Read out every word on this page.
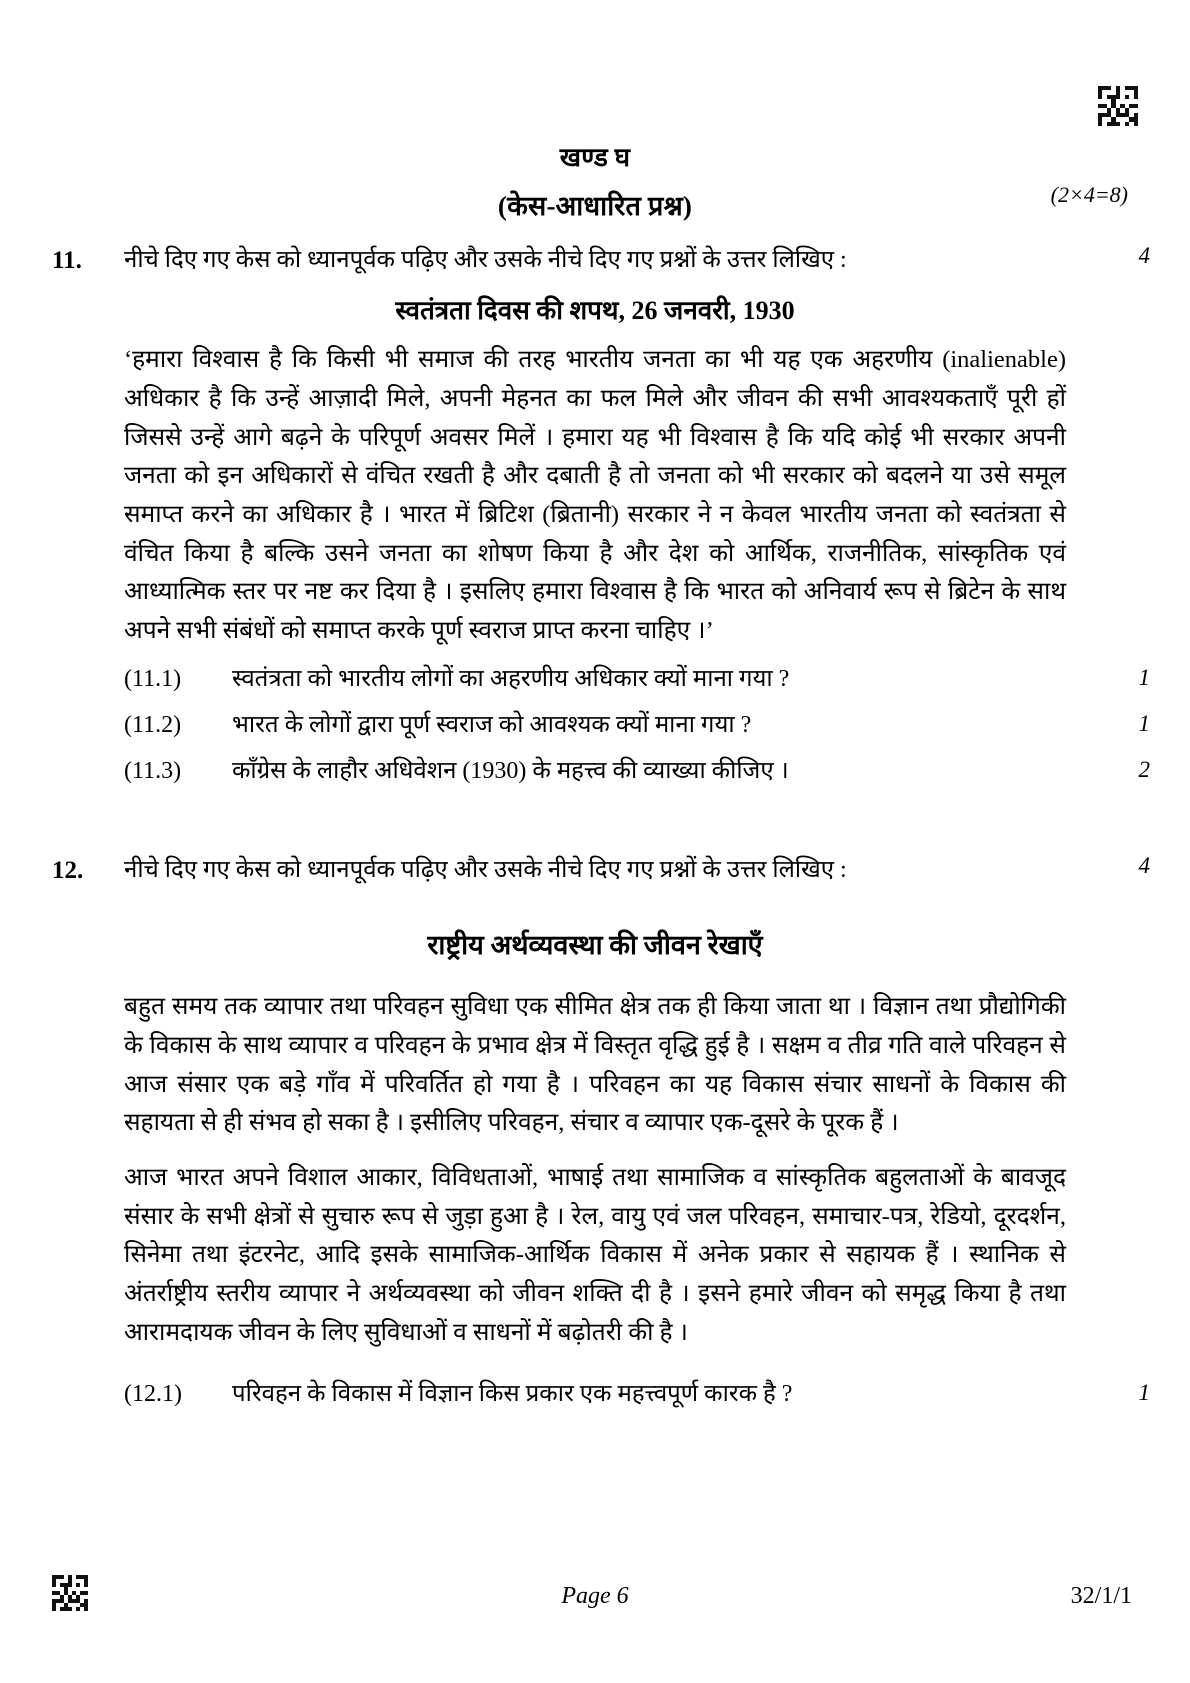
खण्ड घ
(केस-आधारित प्रश्न)	(2×4=8)
11.	नीचे दिए गए केस को ध्यानपूर्वक पढ़िए और उसके नीचे दिए गए प्रश्नों के उत्तर लिखिए :	4
स्वतंत्रता दिवस की शपथ, 26 जनवरी, 1930
‘हमारा विश्वास है कि किसी भी समाज की तरह भारतीय जनता का भी यह एक अहरणीय (inalienable) अधिकार है कि उन्हें आज़ादी मिले, अपनी मेहनत का फल मिले और जीवन की सभी आवश्यकताएँ पूरी हों जिससे उन्हें आगे बढ़ने के परिपूर्ण अवसर मिलें । हमारा यह भी विश्वास है कि यदि कोई भी सरकार अपनी जनता को इन अधिकारों से वंचित रखती है और दबाती है तो जनता को भी सरकार को बदलने या उसे समूल समाप्त करने का अधिकार है । भारत में ब्रिटिश (ब्रितानी) सरकार ने न केवल भारतीय जनता को स्वतंत्रता से वंचित किया है बल्कि उसने जनता का शोषण किया है और देश को आर्थिक, राजनीतिक, सांस्कृतिक एवं आध्यात्मिक स्तर पर नष्ट कर दिया है । इसलिए हमारा विश्वास है कि भारत को अनिवार्य रूप से ब्रिटेन के साथ अपने सभी संबंधों को समाप्त करके पूर्ण स्वराज प्राप्त करना चाहिए ।’
(11.1)	स्वतंत्रता को भारतीय लोगों का अहरणीय अधिकार क्यों माना गया ?	1
(11.2)	भारत के लोगों द्वारा पूर्ण स्वराज को आवश्यक क्यों माना गया ?	1
(11.3)	काँग्रेस के लाहौर अधिवेशन (1930) के महत्त्व की व्याख्या कीजिए ।	2
12.	नीचे दिए गए केस को ध्यानपूर्वक पढ़िए और उसके नीचे दिए गए प्रश्नों के उत्तर लिखिए :	4
राष्ट्रीय अर्थव्यवस्था की जीवन रेखाएँ
बहुत समय तक व्यापार तथा परिवहन सुविधा एक सीमित क्षेत्र तक ही किया जाता था । विज्ञान तथा प्रौद्योगिकी के विकास के साथ व्यापार व परिवहन के प्रभाव क्षेत्र में विस्तृत वृद्धि हुई है । सक्षम व तीव्र गति वाले परिवहन से आज संसार एक बड़े गाँव में परिवर्तित हो गया है । परिवहन का यह विकास संचार साधनों के विकास की सहायता से ही संभव हो सका है । इसीलिए परिवहन, संचार व व्यापार एक-दूसरे के पूरक हैं ।
आज भारत अपने विशाल आकार, विविधताओं, भाषाई तथा सामाजिक व सांस्कृतिक बहुलताओं के बावजूद संसार के सभी क्षेत्रों से सुचारु रूप से जुड़ा हुआ है । रेल, वायु एवं जल परिवहन, समाचार-पत्र, रेडियो, दूरदर्शन, सिनेमा तथा इंटरनेट, आदि इसके सामाजिक-आर्थिक विकास में अनेक प्रकार से सहायक हैं । स्थानिक से अंतर्राष्ट्रीय स्तरीय व्यापार ने अर्थव्यवस्था को जीवन शक्ति दी है । इसने हमारे जीवन को समृद्ध किया है तथा आरामदायक जीवन के लिए सुविधाओं व साधनों में बढ़ोतरी की है ।
(12.1)	परिवहन के विकास में विज्ञान किस प्रकार एक महत्त्वपूर्ण कारक है ?	1
Page 6	32/1/1
